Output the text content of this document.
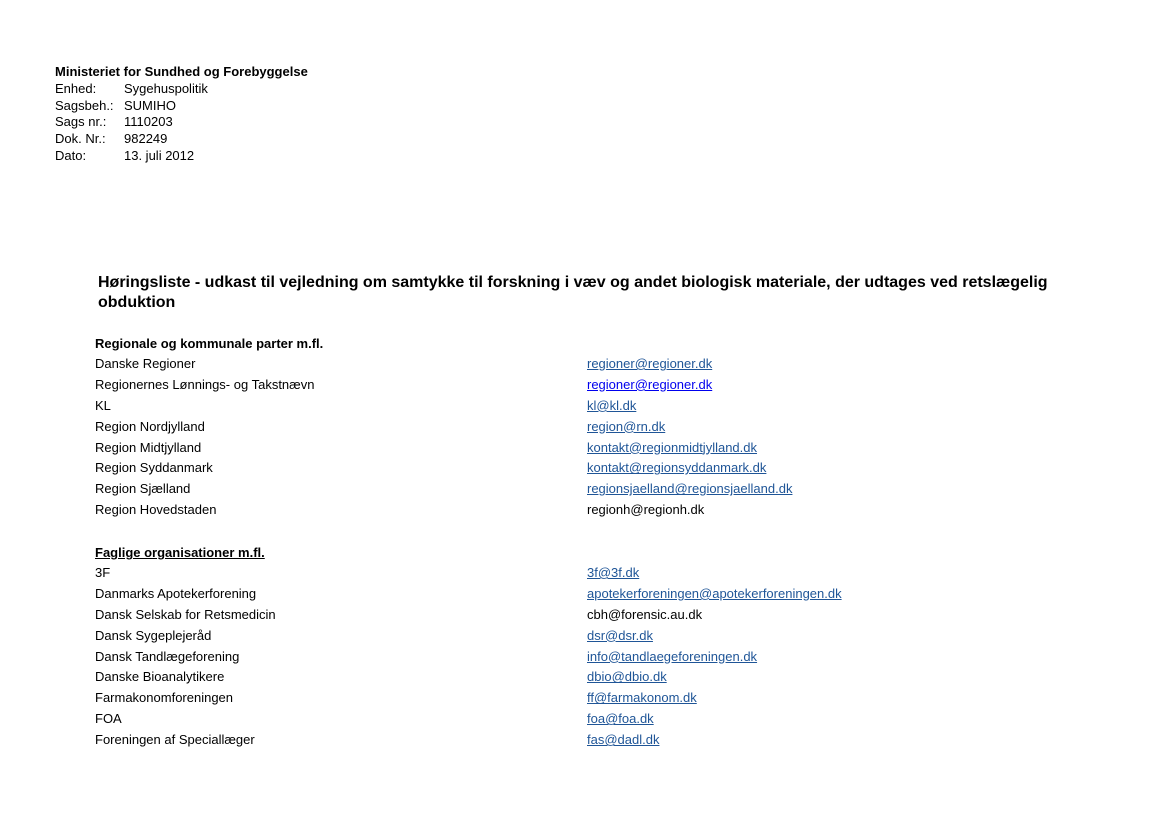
Ministeriet for Sundhed og Forebyggelse
Enhed:	Sygehuspolitik
Sagsbeh.: SUMIHO
Sags nr.:	1110203
Dok. Nr.:	982249
Dato:	13. juli 2012
Høringsliste - udkast til vejledning om samtykke til forskning i væv og andet biologisk materiale, der udtages ved retslægelig obduktion
Regionale og kommunale parter m.fl.
Danske Regioner	regioner@regioner.dk
Regionernes Lønnings- og Takstnævn	regioner@regioner.dk
KL	kl@kl.dk
Region Nordjylland	region@rn.dk
Region Midtjylland	kontakt@regionmidtjylland.dk
Region Syddanmark	kontakt@regionsyddanmark.dk
Region Sjælland	regionsjaelland@regionsjaelland.dk
Region Hovedstaden	regionh@regionh.dk
Faglige organisationer m.fl.
3F	3f@3f.dk
Danmarks Apotekerforening	apotekerforeningen@apotekerforeningen.dk
Dansk Selskab for Retsmedicin	cbh@forensic.au.dk
Dansk Sygeplejeråd	dsr@dsr.dk
Dansk Tandlægeforening	info@tandlaegeforeningen.dk
Danske Bioanalytikere	dbio@dbio.dk
Farmakonomforeningen	ff@farmakonom.dk
FOA	foa@foa.dk
Foreningen af Speciallæger	fas@dadl.dk
